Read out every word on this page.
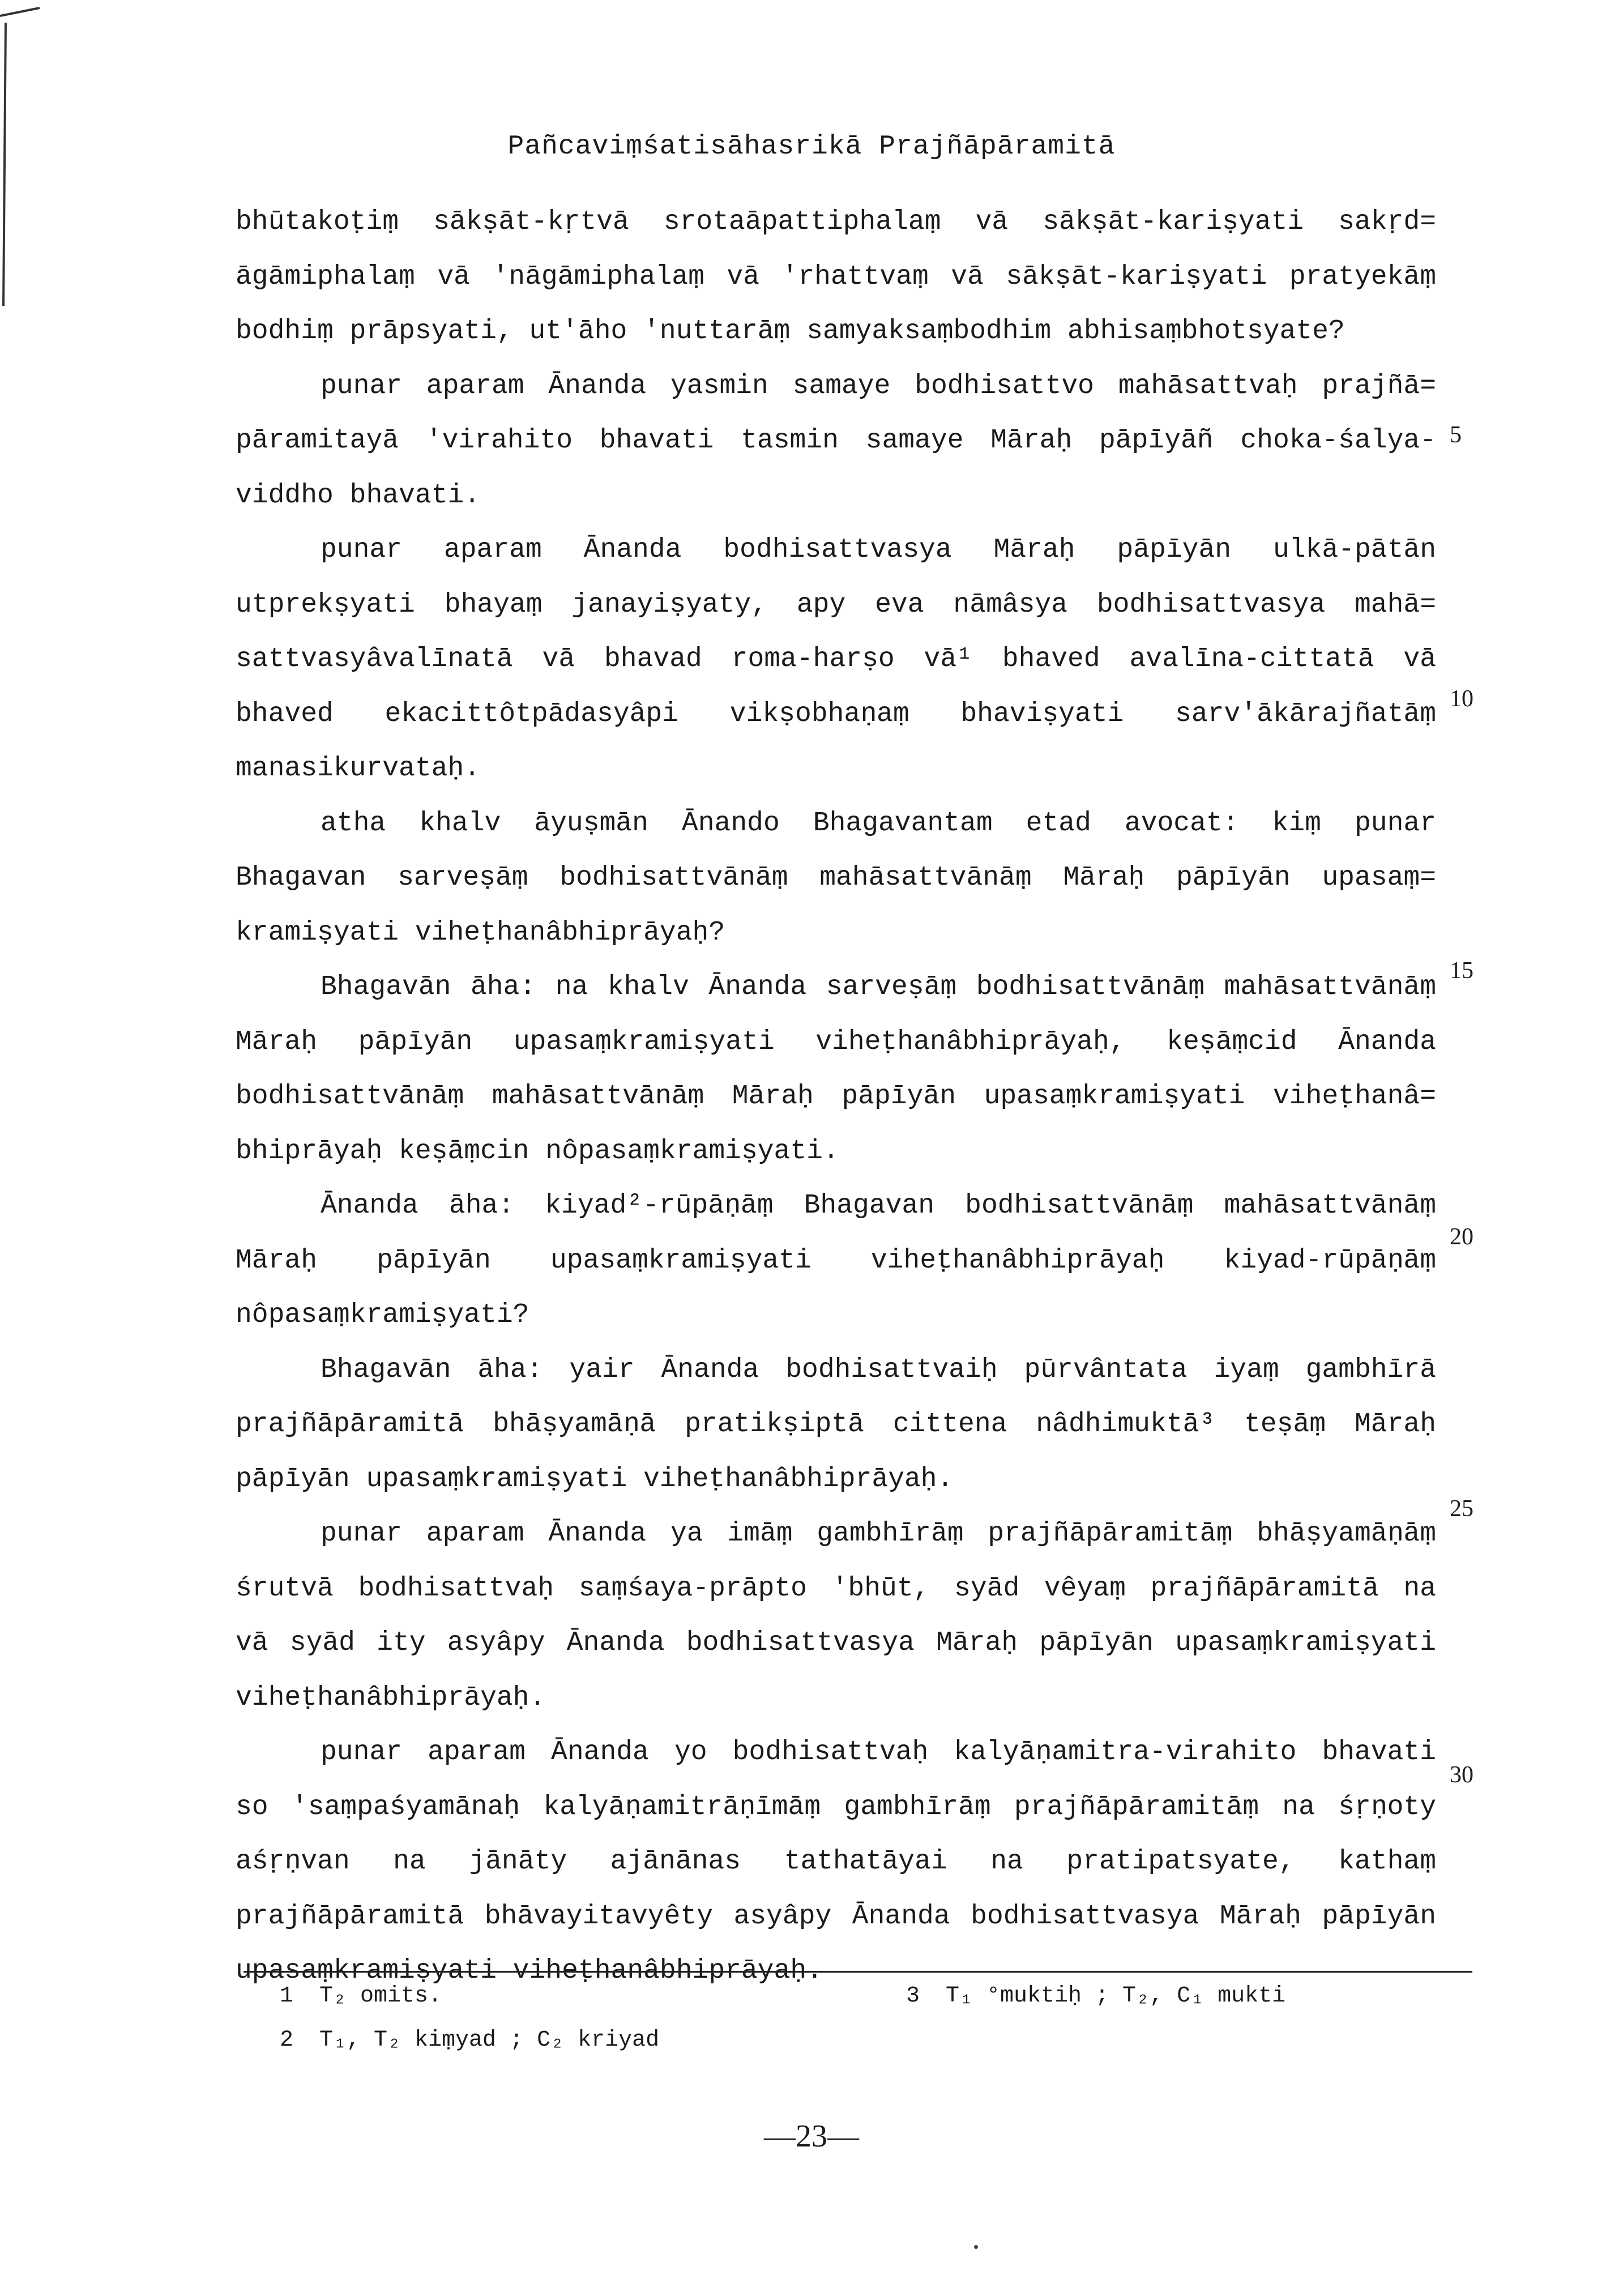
Pañcaviṃśatisāhasrikā Prajñāpāramitā
bhūtakoṭiṃ sākṣāt-kṛtvā srotaāpattiphalaṃ vā sākṣāt-kariṣyati sakṛd=
āgāmiphalaṃ vā 'nāgāmiphalaṃ vā 'rhattvaṃ vā sākṣāt-kariṣyati pratyekāṃ
bodhiṃ prāpsyati, ut'āho 'nuttarāṃ samyaksaṃbodhim abhisaṃbhotsyate?
punar aparam Ānanda yasmin samaye bodhisattvo mahāsattvaḥ prajñā=
pāramitayā 'virahito bhavati tasmin samaye Māraḥ pāpīyāñ choka-śalya-
viddho bhavati.
punar aparam Ānanda bodhisattvasya Māraḥ pāpīyān ulkā-pātān
utprekṣyati bhayaṃ janayiṣyaty, apy eva nāmâsya bodhisattvasya mahā=
sattvasyâvalīnatā vā bhavad roma-harṣo vā¹ bhaved avalīna-cittatā vā
bhaved ekacittôtpādasyâpi vikṣobhaṇaṃ bhaviṣyati sarv'ākārajñatāṃ
manasikurvataḥ.
atha khalv āyuṣmān Ānando Bhagavantam etad avocat: kiṃ punar
Bhagavan sarveṣāṃ bodhisattvānāṃ mahāsattvānāṃ Māraḥ pāpīyān upasaṃ=
kramiṣyati viheṭhanâbhiprāyaḥ?
Bhagavān āha: na khalv Ānanda sarveṣāṃ bodhisattvānāṃ mahāsattvānāṃ
Māraḥ pāpīyān upasaṃkramiṣyati viheṭhanâbhiprāyaḥ, keṣāṃcid Ānanda
bodhisattvānāṃ mahāsattvānāṃ Māraḥ pāpīyān upasaṃkramiṣyati viheṭhanâ=
bhiprāyaḥ keṣāṃcin nôpasaṃkramiṣyati.
Ānanda āha: kiyad²-rūpāṇāṃ Bhagavan bodhisattvānāṃ mahāsattvānāṃ
Māraḥ pāpīyān upasaṃkramiṣyati viheṭhanâbhiprāyaḥ kiyad-rūpāṇāṃ
nôpasaṃkramiṣyati?
Bhagavān āha: yair Ānanda bodhisattvaiḥ pūrvântata iyaṃ gambhīrā
prajñāpāramitā bhāṣyamāṇā pratikṣiptā cittena nâdhimuktā³ teṣāṃ Māraḥ
pāpīyān upasaṃkramiṣyati viheṭhanâbhiprāyaḥ.
punar aparam Ānanda ya imāṃ gambhīrāṃ prajñāpāramitāṃ bhāṣyamāṇāṃ
śrutvā bodhisattvaḥ saṃśaya-prāpto 'bhūt, syād vêyaṃ prajñāpāramitā na
vā syād ity asyâpy Ānanda bodhisattvasya Māraḥ pāpīyān upasaṃkramiṣyati
viheṭhanâbhiprāyaḥ.
punar aparam Ānanda yo bodhisattvaḥ kalyāṇamitra-virahito bhavati
so 'saṃpaśyamānaḥ kalyāṇamitrāṇīmāṃ gambhīrāṃ prajñāpāramitāṃ na śṛṇoty
aśṛṇvan na jānāty ajānānas tathatāyai na pratipatsyate, kathaṃ
prajñāpāramitā bhāvayitavyêty asyâpy Ānanda bodhisattvasya Māraḥ pāpīyān
upasaṃkramiṣyati viheṭhanâbhiprāyaḥ.
5
10
15
20
25
30
1 T₂ omits.
2 T₁, T₂ kiṃyad ; C₂ kriyad
3 T₁ °muktiḥ ; T₂, C₁ mukti
—23—
